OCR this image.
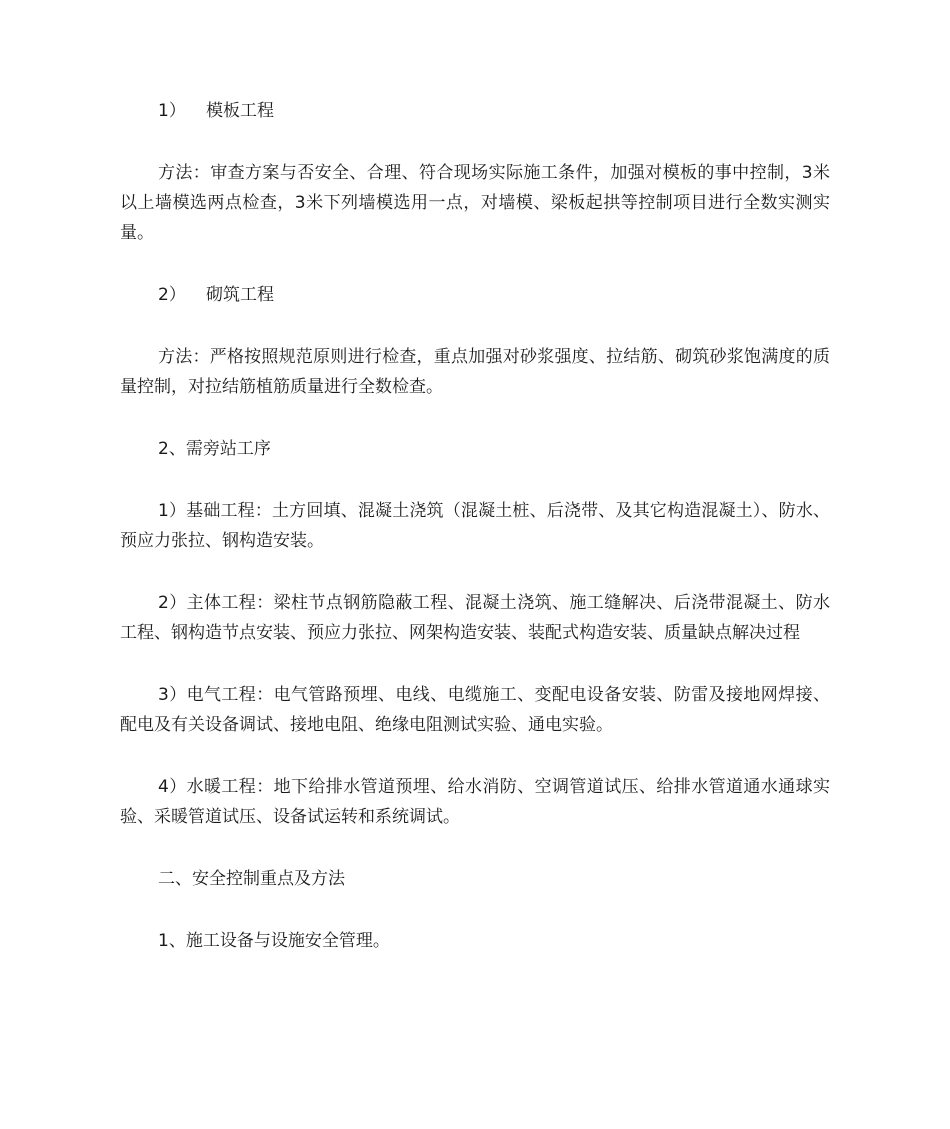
1） 模板工程

方法：审查方案与否安全、合理、符合现场实际施工条件，加强对模板的事中控制，3米以上墙模选两点检查，3米下列墙模选用一点，对墙模、梁板起拱等控制项目进行全数实测实量。

2） 砌筑工程

方法：严格按照规范原则进行检查，重点加强对砂浆强度、拉结筋、砌筑砂浆饱满度的质量控制，对拉结筋植筋质量进行全数检查。

2、需旁站工序

1）基础工程：土方回填、混凝土浇筑（混凝土桩、后浇带、及其它构造混凝土）、防水、预应力张拉、钢构造安装。

2）主体工程：梁柱节点钢筋隐蔽工程、混凝土浇筑、施工缝解决、后浇带混凝土、防水工程、钢构造节点安装、预应力张拉、网架构造安装、装配式构造安装、质量缺点解决过程

3）电气工程：电气管路预埋、电线、电缆施工、变配电设备安装、防雷及接地网焊接、配电及有关设备调试、接地电阻、绝缘电阻测试实验、通电实验。

4）水暖工程：地下给排水管道预埋、给水消防、空调管道试压、给排水管道通水通球实验、采暖管道试压、设备试运转和系统调试。

二、安全控制重点及方法

1、施工设备与设施安全管理。
